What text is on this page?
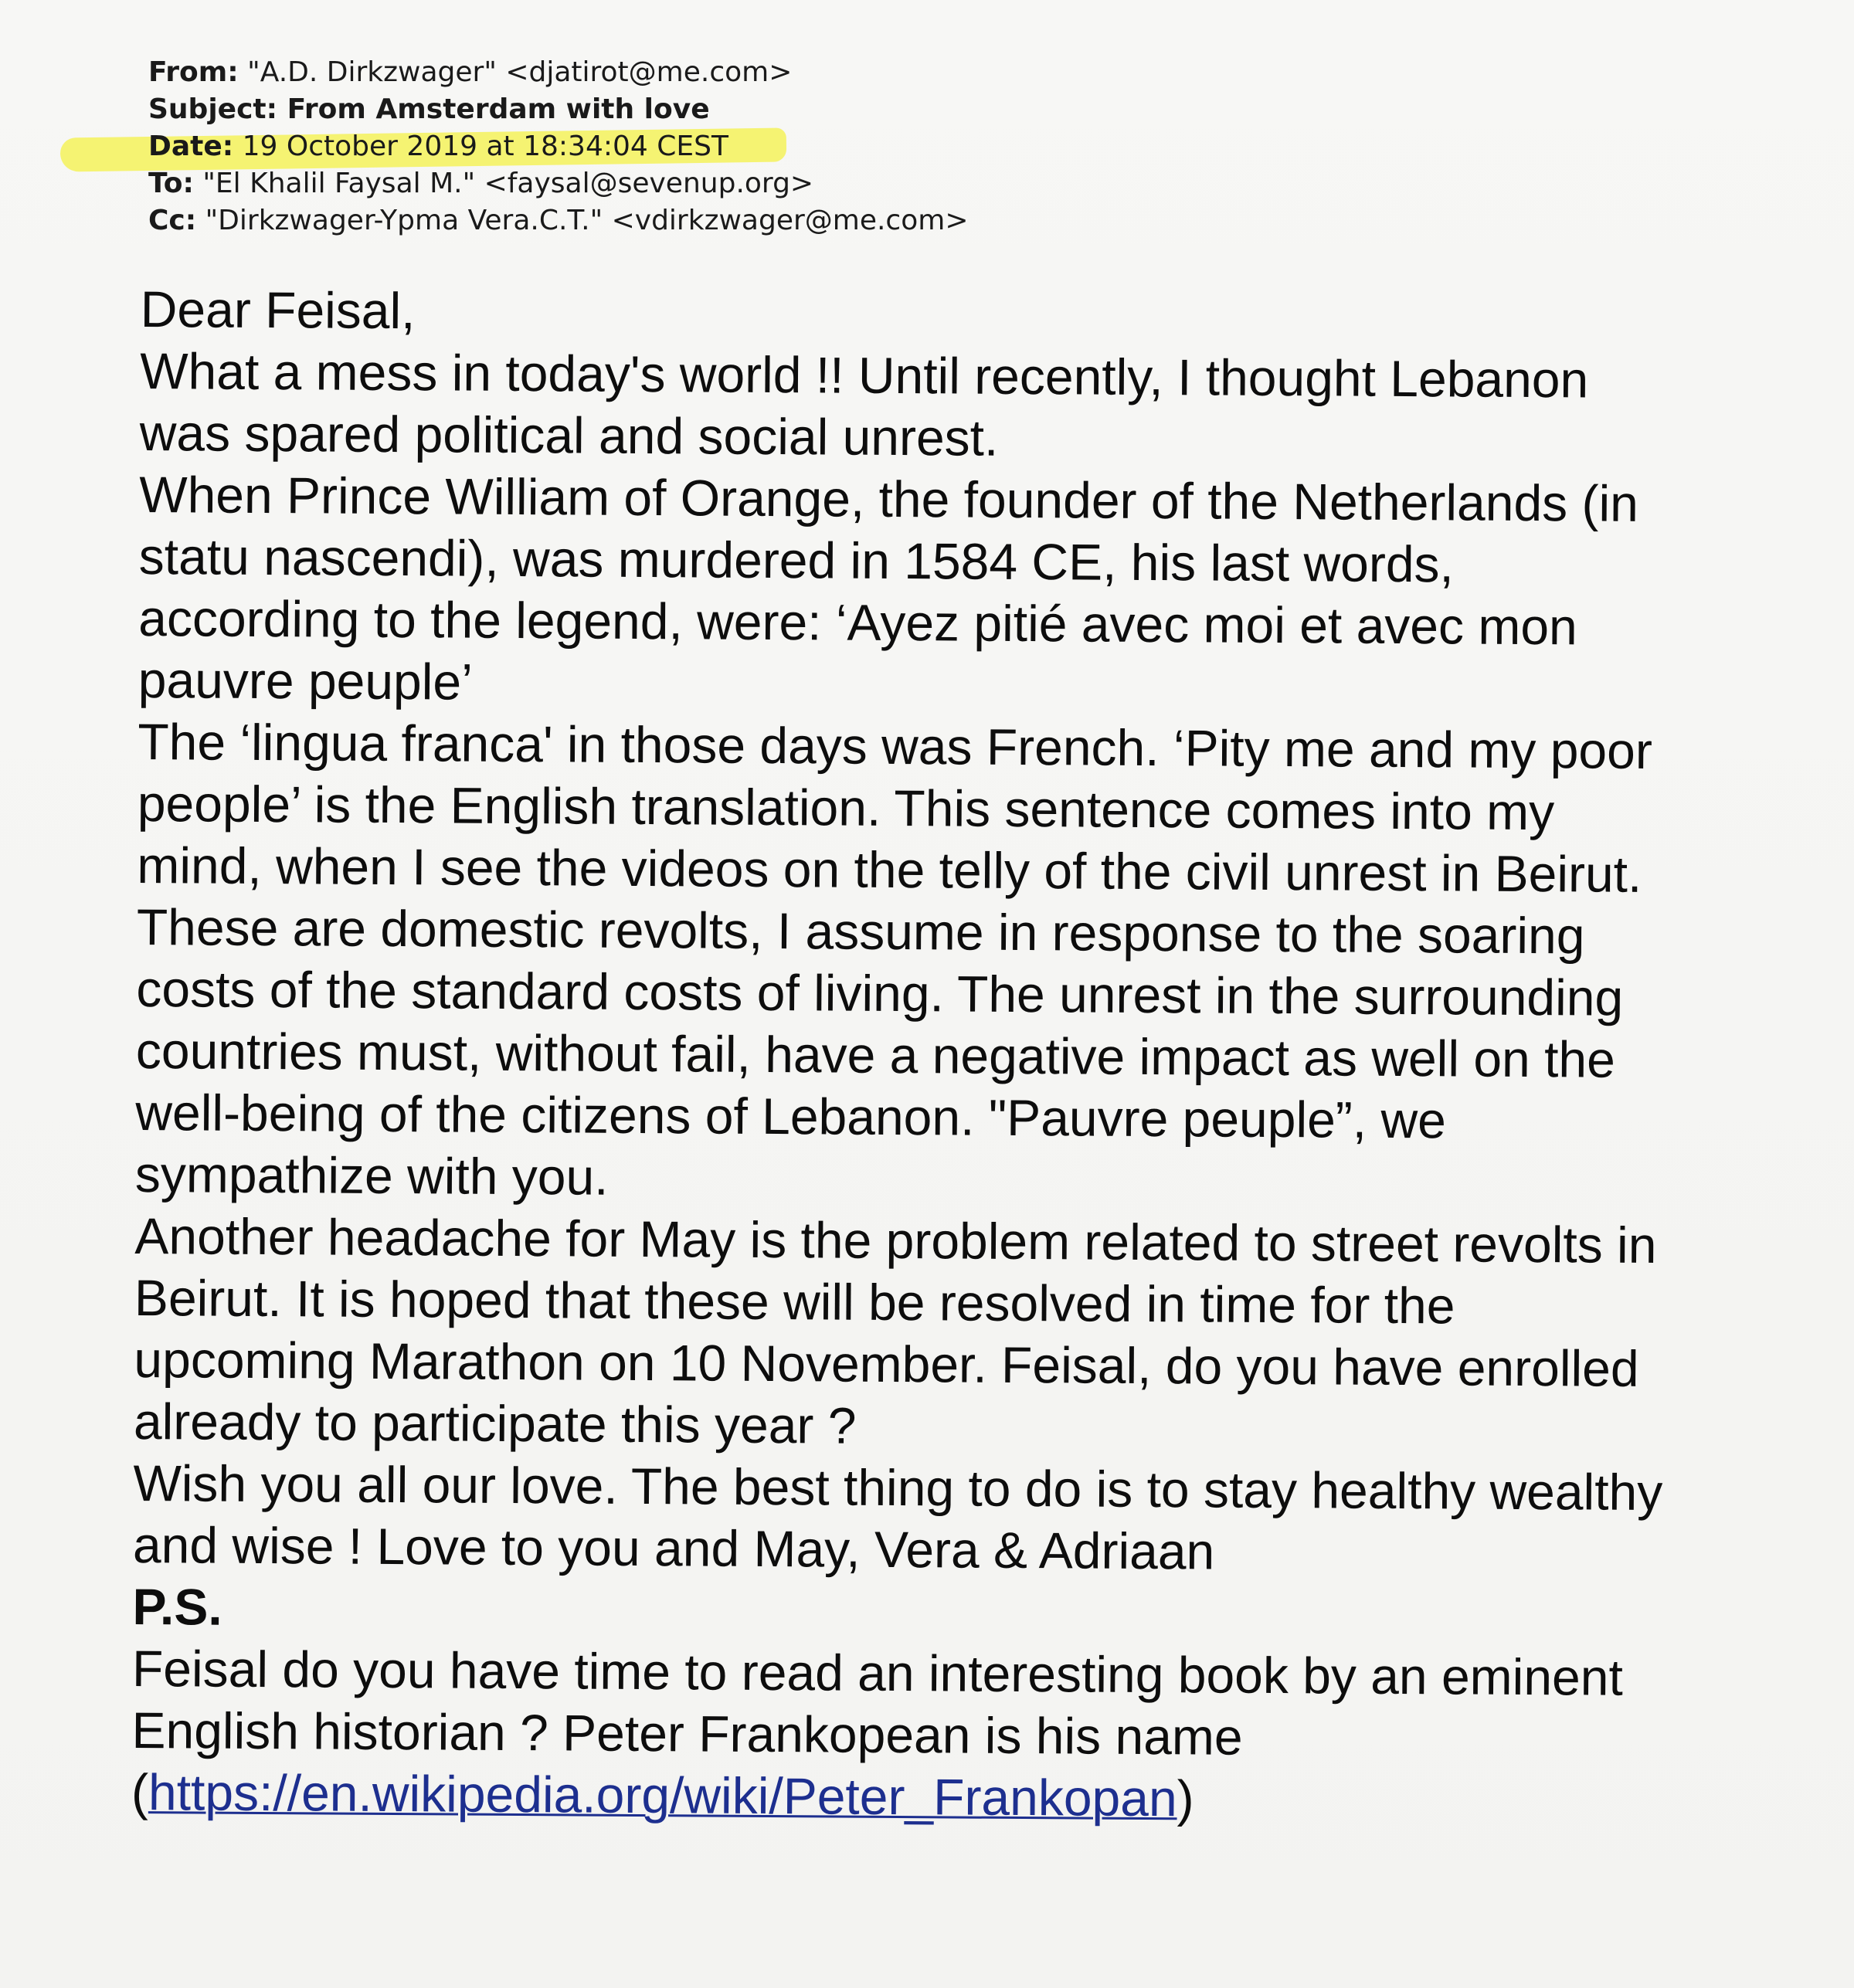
From: "A.D. Dirkzwager" <djatirot@me.com>
Subject: From Amsterdam with love
Date: 19 October 2019 at 18:34:04 CEST
To: "El Khalil Faysal M." <faysal@sevenup.org>
Cc: "Dirkzwager-Ypma Vera.C.T." <vdirkzwager@me.com>
Dear Feisal,
What a mess in today's world !! Until recently, I thought Lebanon
was spared political and social unrest.
When Prince William of Orange, the founder of the Netherlands (in
statu nascendi), was murdered in 1584 CE, his last words,
according to the legend, were: ‘Ayez pitié avec moi et avec mon
pauvre peuple’
The ‘lingua franca' in those days was French. ‘Pity me and my poor
people’ is the English translation. This sentence comes into my
mind, when I see the videos on the telly of the civil unrest in Beirut.
These are domestic revolts, I assume in response to the soaring
costs of the standard costs of living. The unrest in the surrounding
countries must, without fail, have a negative impact as well on the
well-being of the citizens of Lebanon. "Pauvre peuple”, we
sympathize with you.
Another headache for May is the problem related to street revolts in
Beirut. It is hoped that these will be resolved in time for the
upcoming Marathon on 10 November. Feisal, do you have enrolled
already to participate this year ?
Wish you all our love. The best thing to do is to stay healthy wealthy
and wise ! Love to you and May, Vera & Adriaan
P.S.
Feisal do you have time to read an interesting book by an eminent
English historian ? Peter Frankopean is his name
(https://en.wikipedia.org/wiki/Peter_Frankopan)
